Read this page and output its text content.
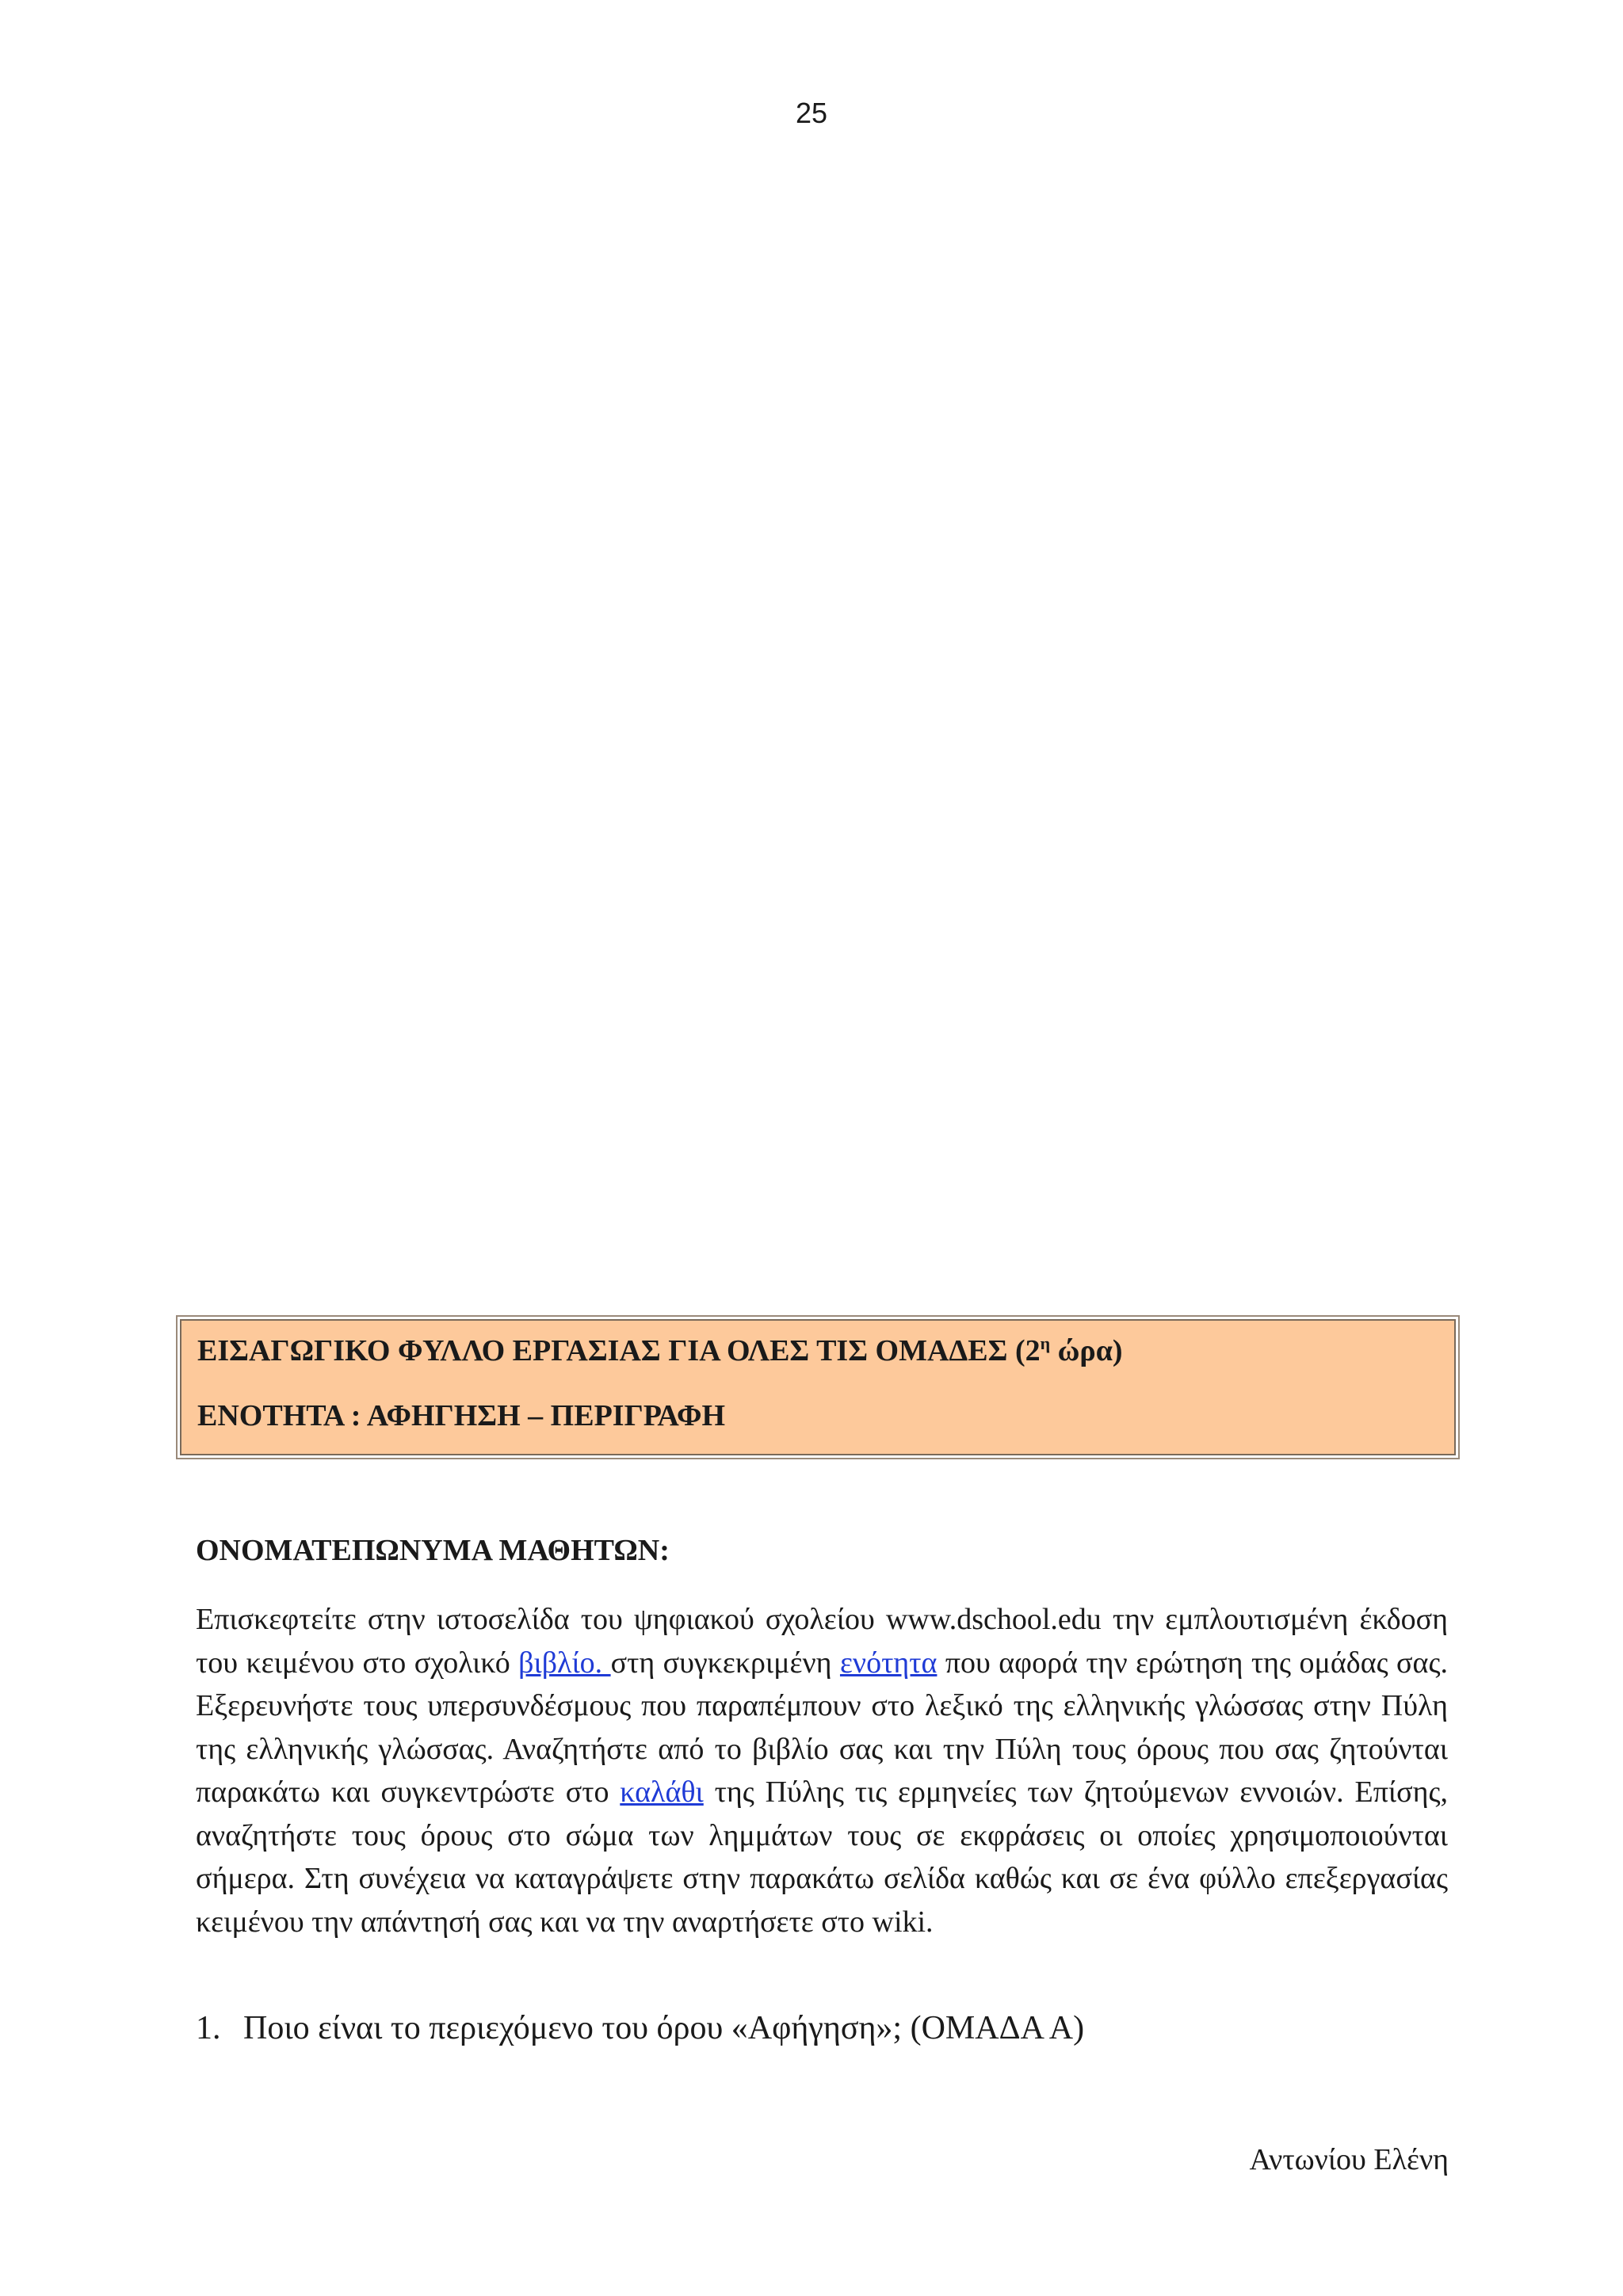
25
ΕΙΣΑΓΩΓΙΚΟ ΦΥΛΛΟ ΕΡΓΑΣΙΑΣ ΓΙΑ ΟΛΕΣ ΤΙΣ ΟΜΑΔΕΣ ($2^\eta$ ώρα)
ΕΝΟΤΗΤΑ : ΑΦΗΓΗΣΗ – ΠΕΡΙΓΡΑΦΗ
ΟΝΟΜΑΤΕΠΩΝΥΜΑ ΜΑΘΗΤΩΝ:

Επισκεφτείτε στην ιστοσελίδα του ψηφιακού σχολείου www.dschool.edu την εμπλουτισμένη έκδοση του κειμένου στο σχολικό βιβλίο. στη συγκεκριμένη ενότητα που αφορά την ερώτηση της ομάδας σας. Εξερευνήστε τους υπερσυνδέσμους που παραπέμπουν στο λεξικό της ελληνικής γλώσσας στην Πύλη της ελληνικής γλώσσας. Αναζητήστε από το βιβλίο σας και την Πύλη τους όρους που σας ζητούνται παρακάτω και συγκεντρώστε στο καλάθι της Πύλης τις ερμηνείες των ζητούμενων εννοιών. Επίσης, αναζητήστε τους όρους στο σώμα των λημμάτων τους σε εκφράσεις οι οποίες χρησιμοποιούνται σήμερα. Στη συνέχεια να καταγράψετε στην παρακάτω σελίδα καθώς και σε ένα φύλλο επεξεργασίας κειμένου την απάντησή σας και να την αναρτήσετε στο wiki.

1. Ποιο είναι το περιεχόμενο του όρου «Αφήγηση»; (ΟΜΑΔΑ Α)
Αντωνίου Ελένη
